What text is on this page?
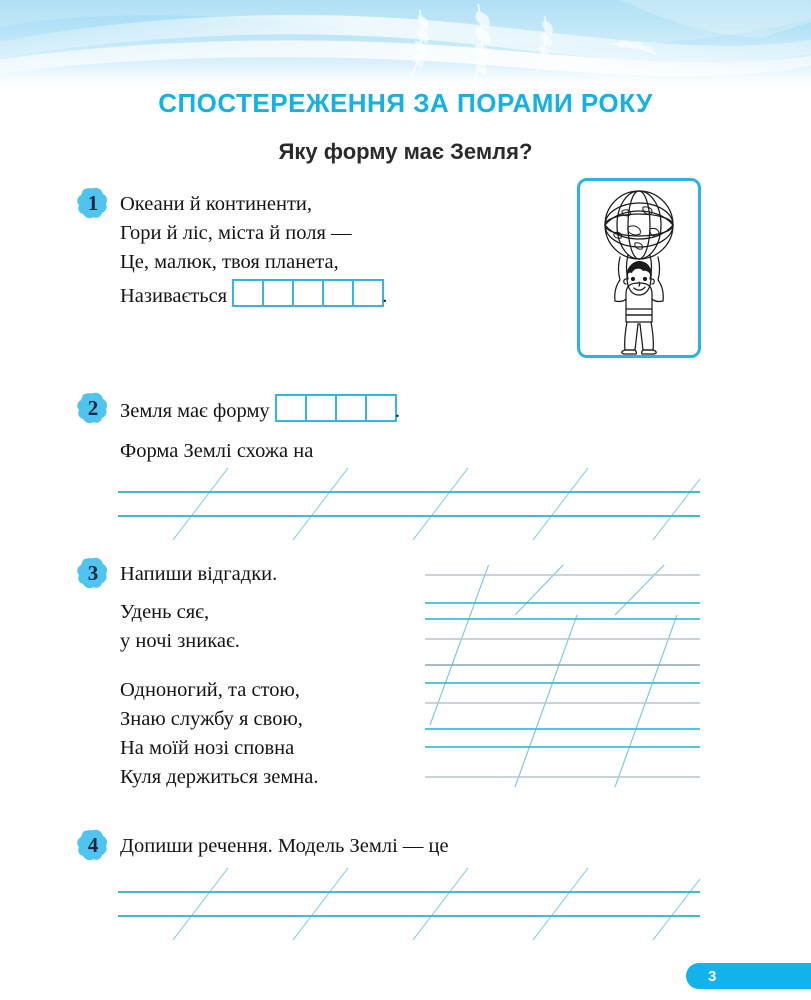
СПОСТЕРЕЖЕННЯ ЗА ПОРАМИ РОКУ
Яку форму має Земля?
1 Океани й континенти,
Гори й ліс, міста й поля —
Це, малюк, твоя планета,
Називається	.
2 Земля має форму	.
Форма Землі схожа на
3 Напиши відгадки.
Удень сяє,
у ночі зникає.
Одноногий, та стою,
Знаю службу я свою,
На моїй нозі сповна
Куля держиться земна.
4 Допиши речення. Модель Землі — це
3
